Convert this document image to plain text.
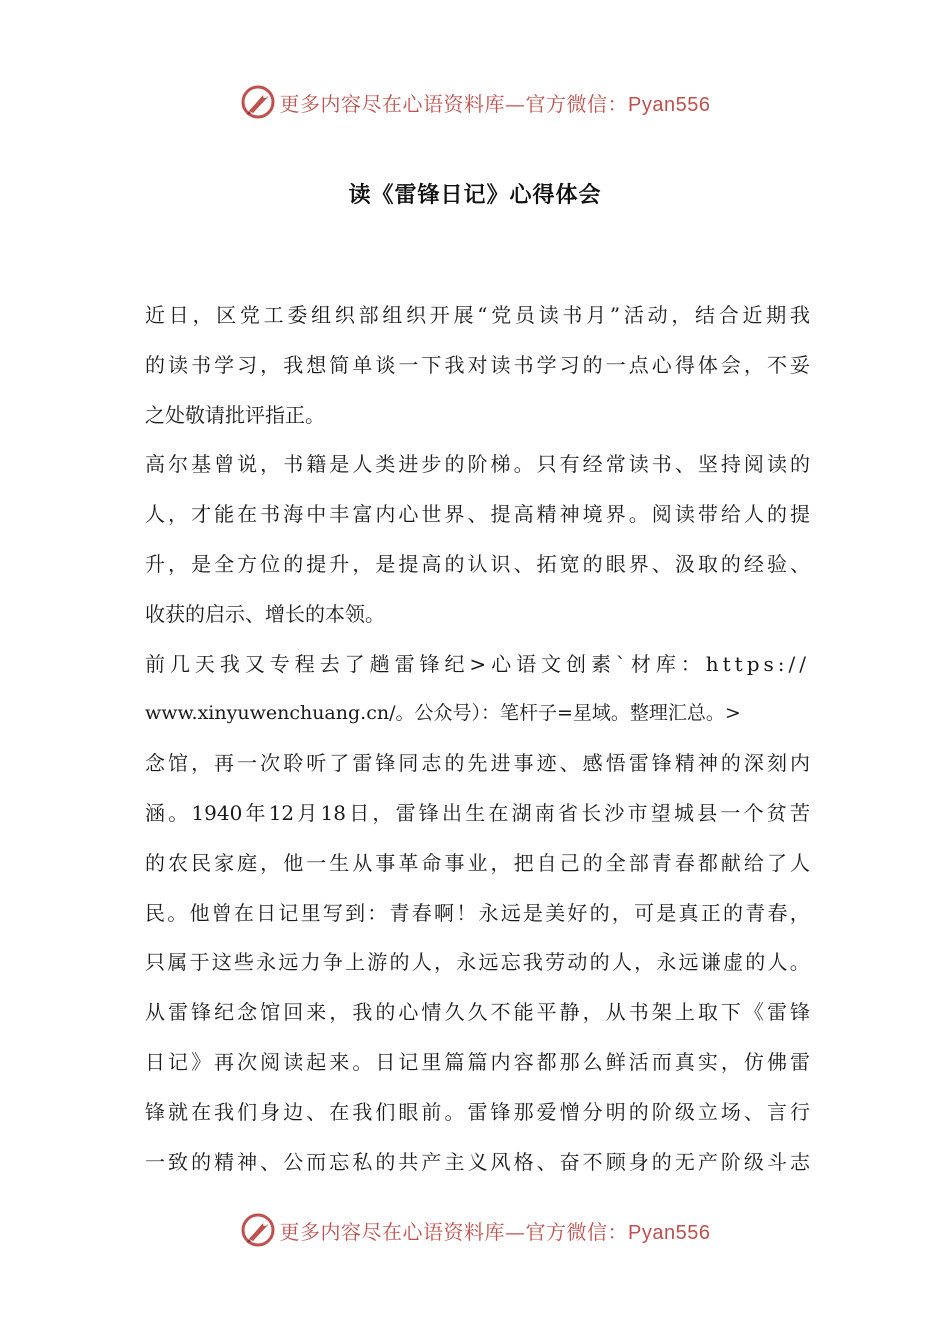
更多内容尽在心语资料库—官方微信：Pyan556
读《雷锋日记》心得体会
近日，区党工委组织部组织开展“党员读书月”活动，结合近期我
的读书学习，我想简单谈一下我对读书学习的一点心得体会，不妥
之处敬请批评指正。
高尔基曾说，书籍是人类进步的阶梯。只有经常读书、坚持阅读的
人，才能在书海中丰富内心世界、提高精神境界。阅读带给人的提
升，是全方位的提升，是提高的认识、拓宽的眼界、汲取的经验、
收获的启示、增长的本领。
前几天我又专程去了趟雷锋纪>心语文创素`材库：https://
www.xinyuwenchuang.cn/。公众号）：笔杆子=星域。整理汇总。>
念馆，再一次聆听了雷锋同志的先进事迹、感悟雷锋精神的深刻内
涵。1940年12月18日，雷锋出生在湖南省长沙市望城县一个贫苦
的农民家庭，他一生从事革命事业，把自己的全部青春都献给了人
民。他曾在日记里写到：青春啊！永远是美好的，可是真正的青春，
只属于这些永远力争上游的人，永远忘我劳动的人，永远谦虚的人。
从雷锋纪念馆回来，我的心情久久不能平静，从书架上取下《雷锋
日记》再次阅读起来。日记里篇篇内容都那么鲜活而真实，仿佛雷
锋就在我们身边、在我们眼前。雷锋那爱憎分明的阶级立场、言行
一致的精神、公而忘私的共产主义风格、奋不顾身的无产阶级斗志
更多内容尽在心语资料库—官方微信：Pyan556
